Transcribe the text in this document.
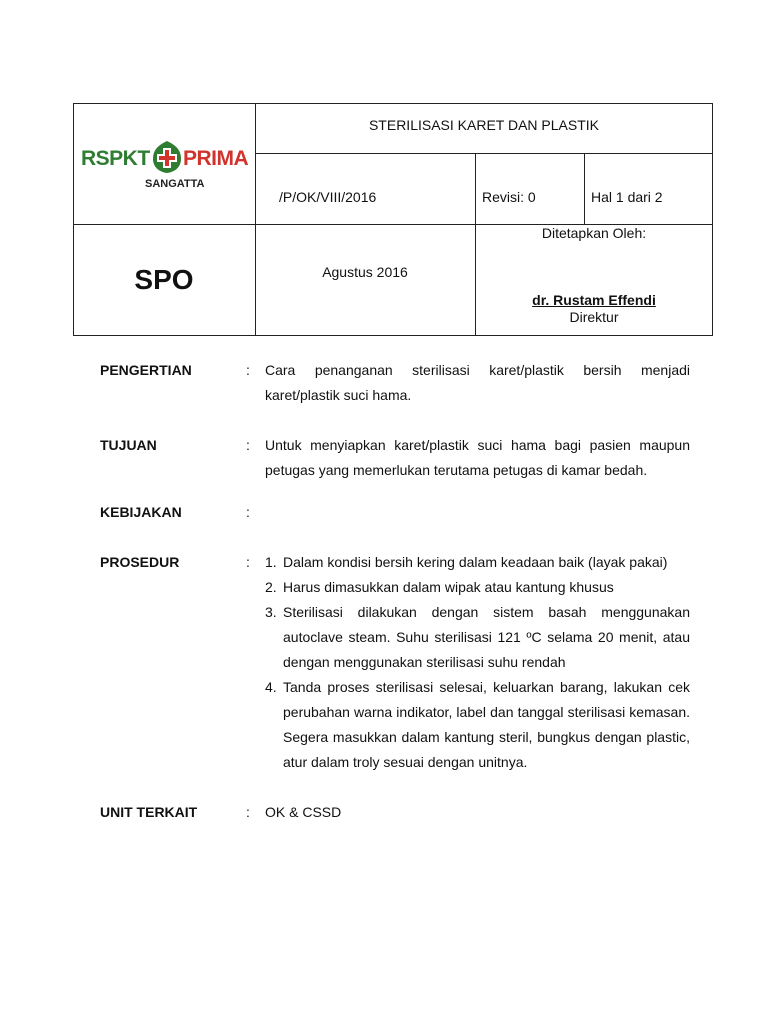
RSPKT PRIMA
SANGATTA
STERILISASI KARET DAN PLASTIK
/P/OK/VIII/2016	Revisi: 0	Hal 1 dari 2
SPO	Agustus 2016
Ditetapkan Oleh:
dr. Rustam Effendi
Direktur
PENGERTIAN	: Cara penanganan sterilisasi karet/plastik bersih menjadi karet/plastik suci hama.
TUJUAN	: Untuk menyiapkan karet/plastik suci hama bagi pasien maupun petugas yang memerlukan terutama petugas di kamar bedah.
KEBIJAKAN	:
PROSEDUR	: 1. Dalam kondisi bersih kering dalam keadaan baik (layak pakai)
2. Harus dimasukkan dalam wipak atau kantung khusus
3. Sterilisasi dilakukan dengan sistem basah menggunakan autoclave steam. Suhu sterilisasi 121 ºC selama 20 menit, atau dengan menggunakan sterilisasi suhu rendah
4. Tanda proses sterilisasi selesai, keluarkan barang, lakukan cek perubahan warna indikator, label dan tanggal sterilisasi kemasan. Segera masukkan dalam kantung steril, bungkus dengan plastic, atur dalam troly sesuai dengan unitnya.
UNIT TERKAIT	: OK & CSSD
